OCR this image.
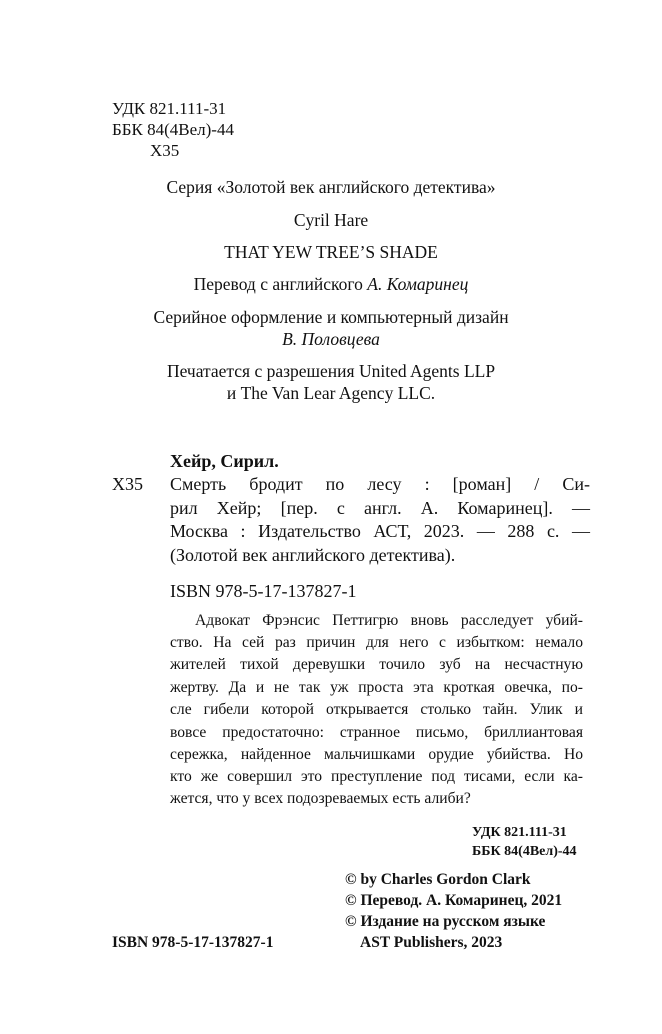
УДК 821.111-31
ББК 84(4Вел)-44
Х35
Серия «Золотой век английского детектива»
Cyril Hare
THAT YEW TREE’S SHADE
Перевод с английского А. Комаринец
Серийное оформление и компьютерный дизайн
В. Половцева
Печатается с разрешения United Agents LLP
и The Van Lear Agency LLC.
Хейр, Сирил.
Х35 Смерть бродит по лесу : [роман] / Си-
рил Хейр; [пер. с англ. А. Комаринец]. —
Москва : Издательство АСТ, 2023. — 288 с. —
(Золотой век английского детектива).
ISBN 978-5-17-137827-1
Адвокат Фрэнсис Петтигрю вновь расследует убий-
ство. На сей раз причин для него с избытком: немало
жителей тихой деревушки точило зуб на несчастную
жертву. Да и не так уж проста эта кроткая овечка, по-
сле гибели которой открывается столько тайн. Улик и
вовсе предостаточно: странное письмо, бриллиантовая
сережка, найденное мальчишками орудие убийства. Но
кто же совершил это преступление под тисами, если ка-
жется, что у всех подозреваемых есть алиби?
УДК 821.111-31
ББК 84(4Вел)-44
© by Charles Gordon Clark
© Перевод. А. Комаринец, 2021
© Издание на русском языке
AST Publishers, 2023
ISBN 978-5-17-137827-1
